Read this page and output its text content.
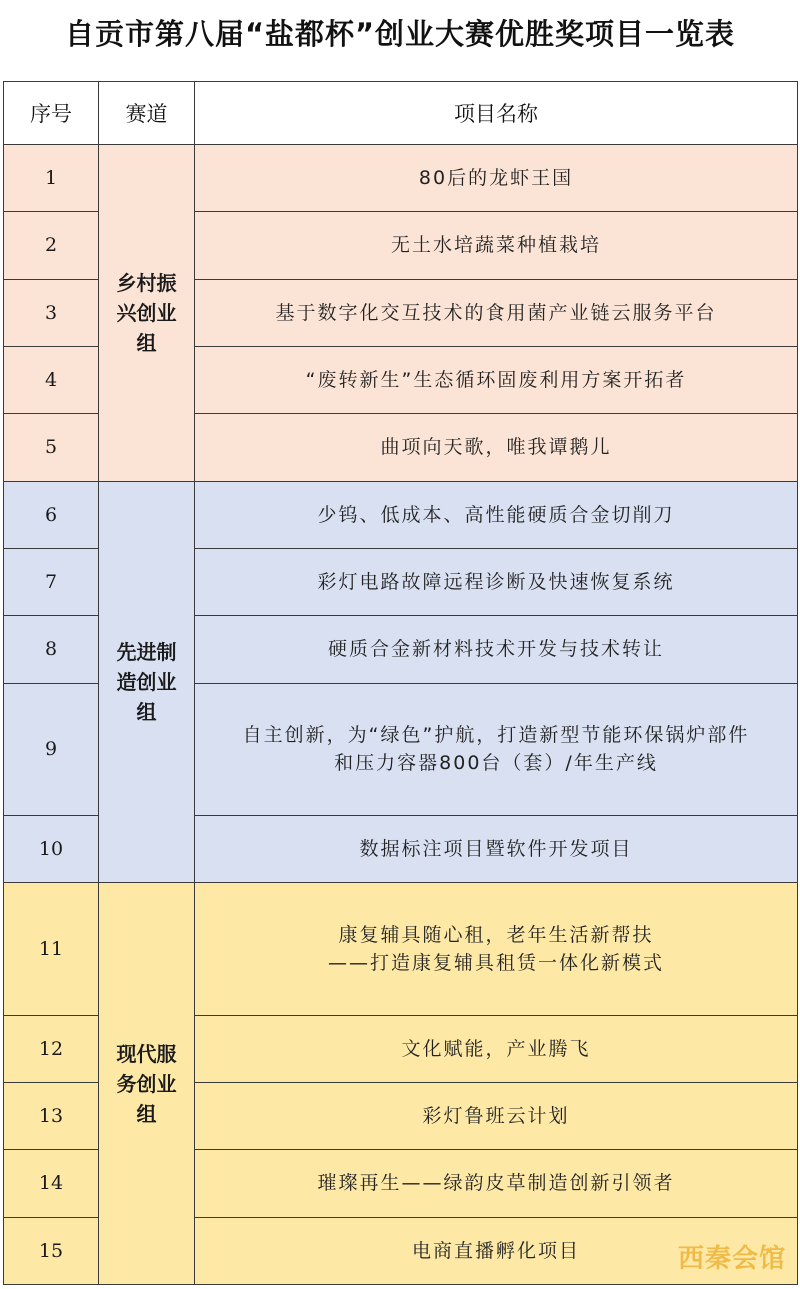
自贡市第八届“盐都杯”创业大赛优胜奖项目一览表
序号	赛道	项目名称
1	乡村振兴创业组	80后的龙虾王国

2		无土水培蔬菜种植栽培

3		基于数字化交互技术的食用菌产业链云服务平台

4		“废转新生”生态循环固废利用方案开拓者

5		曲项向天歌，唯我谭鹅儿

6	先进制造创业组	少钨、低成本、高性能硬质合金切削刀

7		彩灯电路故障远程诊断及快速恢复系统

8		硬质合金新材料技术开发与技术转让

9		自主创新，为“绿色”护航，打造新型节能环保锅炉部件
和压力容器800台（套）/年生产线

10		数据标注项目暨软件开发项目

11	现代服务创业组	康复辅具随心租，老年生活新帮扶
——打造康复辅具租赁一体化新模式

12		文化赋能，产业腾飞

13		彩灯鲁班云计划

14		璀璨再生——绿韵皮草制造创新引领者

15		电商直播孵化项目	西秦会馆
